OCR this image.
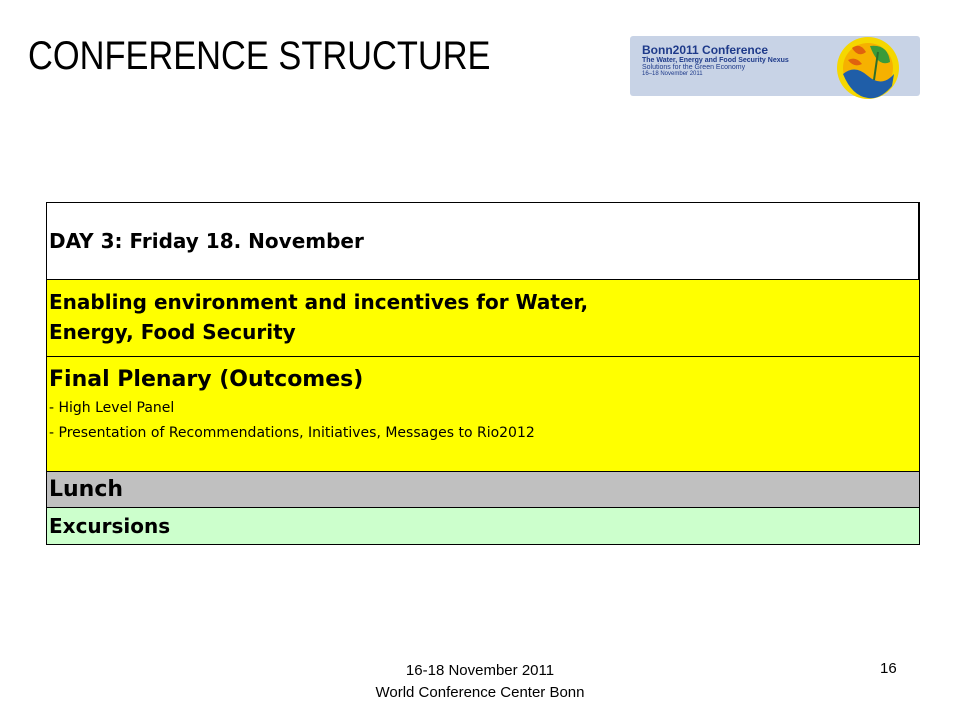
CONFERENCE STRUCTURE	Bonn2011 Conference
The Water, Energy and Food Security Nexus
Solutions for the Green Economy
16–18 November 2011
DAY 3: Friday 18. November
Enabling environment and incentives for Water,
Energy, Food Security
Final Plenary (Outcomes)
- High Level Panel
- Presentation of Recommendations, Initiatives, Messages to Rio2012
Lunch
Excursions
16-18 November 2011
World Conference Center Bonn
16
